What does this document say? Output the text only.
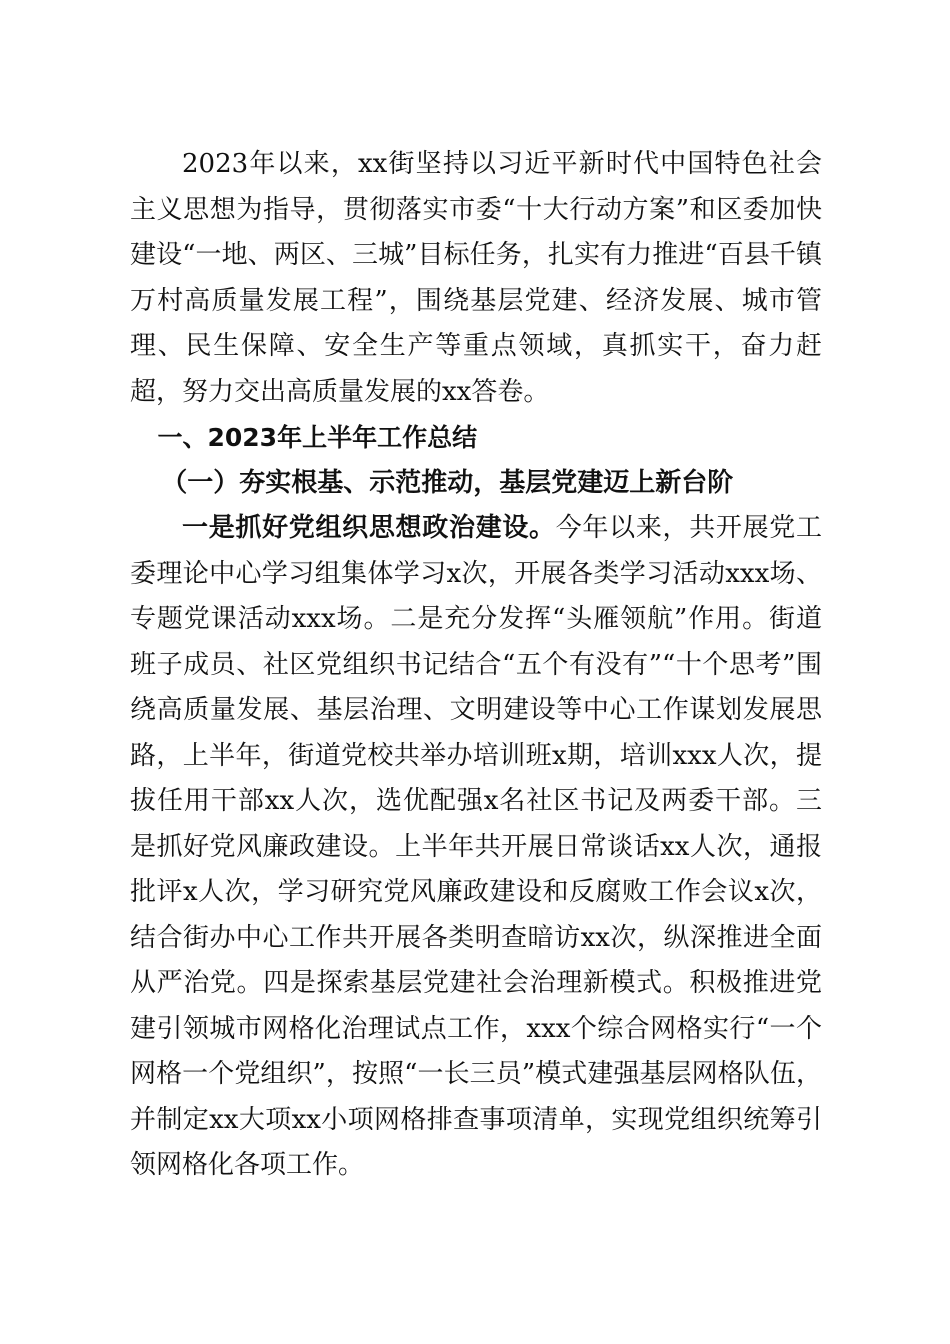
2023年以来，xx街坚持以习近平新时代中国特色社会主义思想为指导，贯彻落实市委“十大行动方案”和区委加快建设“一地、两区、三城”目标任务，扎实有力推进“百县千镇万村高质量发展工程”，围绕基层党建、经济发展、城市管理、民生保障、安全生产等重点领域，真抓实干，奋力赶超，努力交出高质量发展的xx答卷。

一、2023年上半年工作总结

（一）夯实根基、示范推动，基层党建迈上新台阶

一是抓好党组织思想政治建设。今年以来，共开展党工委理论中心学习组集体学习x次，开展各类学习活动xxx场、专题党课活动xxx场。二是充分发挥“头雁领航”作用。街道班子成员、社区党组织书记结合“五个有没有”“十个思考”围绕高质量发展、基层治理、文明建设等中心工作谋划发展思路，上半年，街道党校共举办培训班x期，培训xxx人次，提拔任用干部xx人次，选优配强x名社区书记及两委干部。三是抓好党风廉政建设。上半年共开展日常谈话xx人次，通报批评x人次，学习研究党风廉政建设和反腐败工作会议x次，结合街办中心工作共开展各类明查暗访xx次，纵深推进全面从严治党。四是探索基层党建社会治理新模式。积极推进党建引领城市网格化治理试点工作，xxx个综合网格实行“一个网格一个党组织”，按照“一长三员”模式建强基层网格队伍，并制定xx大项xx小项网格排查事项清单，实现党组织统筹引领网格化各项工作。
